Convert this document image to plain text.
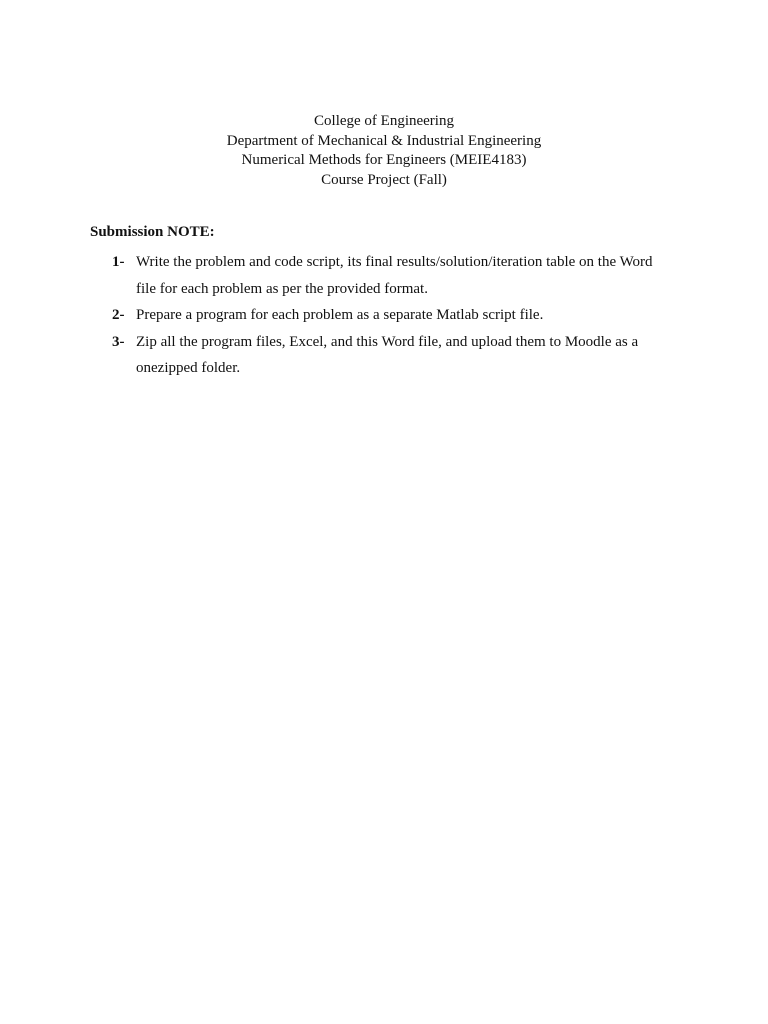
College of Engineering
Department of Mechanical & Industrial Engineering
Numerical Methods for Engineers (MEIE4183)
Course Project (Fall)
Submission NOTE:
1- Write the problem and code script, its final results/solution/iteration table on the Word file for each problem as per the provided format.
2- Prepare a program for each problem as a separate Matlab script file.
3- Zip all the program files, Excel, and this Word file, and upload them to Moodle as a onezipped folder.
